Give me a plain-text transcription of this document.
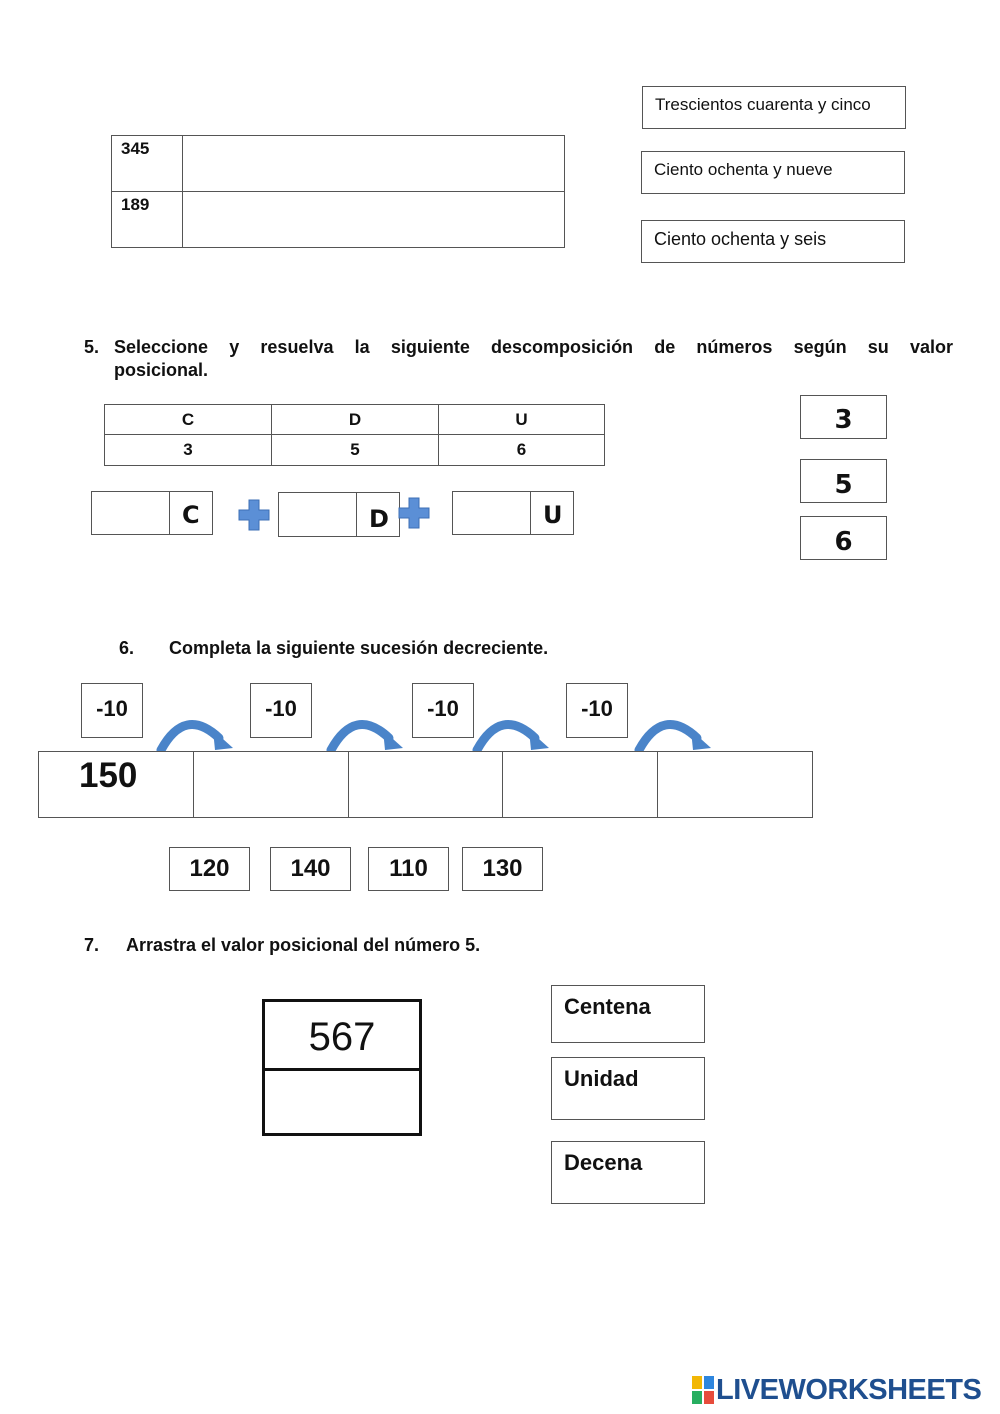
345	

189	

Trescientos cuarenta y cinco
Ciento ochenta y nueve
Ciento ochenta y seis
5. Seleccione y resuelva la siguiente descomposición de números según su valor
posicional.
C	D	U
3	5	6
C	D	U
3
5
6
6. Completa la siguiente sucesión decreciente.
-10	-10	-10	-10
150
120	140	110	130
7. Arrastra el valor posicional del número 5.
567
Centena
Unidad
Decena
LIVEWORKSHEETS
